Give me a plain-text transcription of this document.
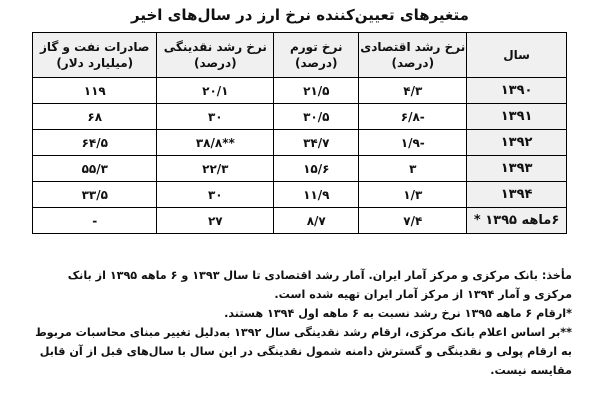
متغیرهای تعیین‌کننده نرخ ارز در سال‌های اخیر
سال	نرخ رشد اقتصادی (درصد)	نرخ تورم (درصد)	نرخ رشد نقدینگی (درصد)	صادرات نفت و گاز (میلیارد دلار)
۱۳۹۰	۴/۳	۲۱/۵	۲۰/۱	۱۱۹
۱۳۹۱	-۶/۸	۳۰/۵	۳۰	۶۸
۱۳۹۲	-۱/۹	۳۴/۷	**۳۸/۸	۶۴/۵
۱۳۹۳	۳	۱۵/۶	۲۲/۳	۵۵/۳
۱۳۹۴	۱/۳	۱۱/۹	۳۰	۳۳/۵
۶ماهه ۱۳۹۵ *	۷/۴	۸/۷	۲۷	-

مأخذ: بانک مرکزی و مرکز آمار ایران. آمار رشد اقتصادی تا سال ۱۳۹۳ و ۶ ماهه ۱۳۹۵ از بانک مرکزی و آمار ۱۳۹۴ از مرکز آمار ایران تهیه شده است.

*ارقام ۶ ماهه ۱۳۹۵ نرخ رشد نسبت به ۶ ماهه اول ۱۳۹۴ هستند.

**بر اساس اعلام بانک مرکزی، ارقام رشد نقدینگی سال ۱۳۹۲ به‌دلیل تغییر مبنای محاسبات مربوط به ارقام پولی و نقدینگی و گسترش دامنه شمول نقدینگی در این سال با سال‌های قبل از آن قابل مقایسه نیست.
